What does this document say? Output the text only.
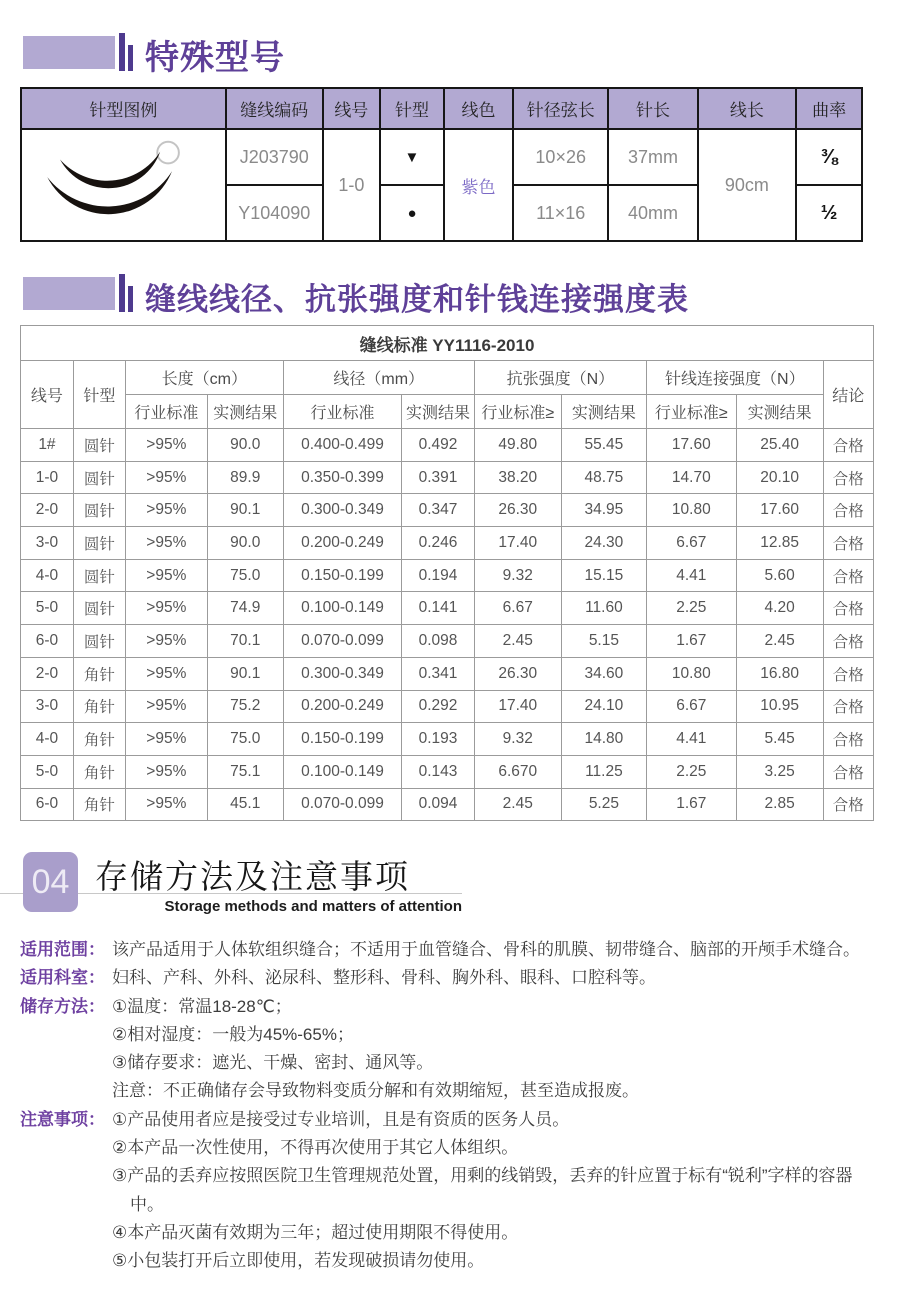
特殊型号
针型图例	缝线编码	线号	针型	线色	针径弦长	针长	线长	曲率

	J203790	1-0	▼	紫色	10×26	37mm	90cm	⅜
	Y104090		●		11×16	40mm		½
缝线线径、抗张强度和针钱连接强度表
缝线标准 YY1116-2010										
线号	针型	长度（cm）		线径（mm）		抗张强度（N）		针线连接强度（N）		结论
		行业标准	实测结果	行业标准	实测结果	行业标准≥	实测结果	行业标准≥	实测结果	
1#	圆针	>95%	90.0	0.400-0.499	0.492	49.80	55.45	17.60	25.40	合格
1-0	圆针	>95%	89.9	0.350-0.399	0.391	38.20	48.75	14.70	20.10	合格
2-0	圆针	>95%	90.1	0.300-0.349	0.347	26.30	34.95	10.80	17.60	合格
3-0	圆针	>95%	90.0	0.200-0.249	0.246	17.40	24.30	6.67	12.85	合格
4-0	圆针	>95%	75.0	0.150-0.199	0.194	9.32	15.15	4.41	5.60	合格
5-0	圆针	>95%	74.9	0.100-0.149	0.141	6.67	11.60	2.25	4.20	合格
6-0	圆针	>95%	70.1	0.070-0.099	0.098	2.45	5.15	1.67	2.45	合格
2-0	角针	>95%	90.1	0.300-0.349	0.341	26.30	34.60	10.80	16.80	合格
3-0	角针	>95%	75.2	0.200-0.249	0.292	17.40	24.10	6.67	10.95	合格
4-0	角针	>95%	75.0	0.150-0.199	0.193	9.32	14.80	4.41	5.45	合格
5-0	角针	>95%	75.1	0.100-0.149	0.143	6.670	11.25	2.25	3.25	合格
6-0	角针	>95%	45.1	0.070-0.099	0.094	2.45	5.25	1.67	2.85	合格
04 存储方法及注意事项
Storage methods and matters of attention
适用范围： 该产品适用于人体软组织缝合；不适用于血管缝合、骨科的肌膜、韧带缝合、脑部的开颅手术缝合。
适用科室： 妇科、产科、外科、泌尿科、整形科、骨科、胸外科、眼科、口腔科等。
储存方法： ①温度：常温18-28℃；
②相对湿度：一般为45%-65%；
③储存要求：遮光、干燥、密封、通风等。
注意：不正确储存会导致物料变质分解和有效期缩短，甚至造成报废。
注意事项： ①产品使用者应是接受过专业培训，且是有资质的医务人员。
②本产品一次性使用，不得再次使用于其它人体组织。
③产品的丢弃应按照医院卫生管理规范处置，用剩的线销毁，丢弃的针应置于标有“锐利”字样的容器中。
④本产品灭菌有效期为三年；超过使用期限不得使用。
⑤小包装打开后立即使用，若发现破损请勿使用。
